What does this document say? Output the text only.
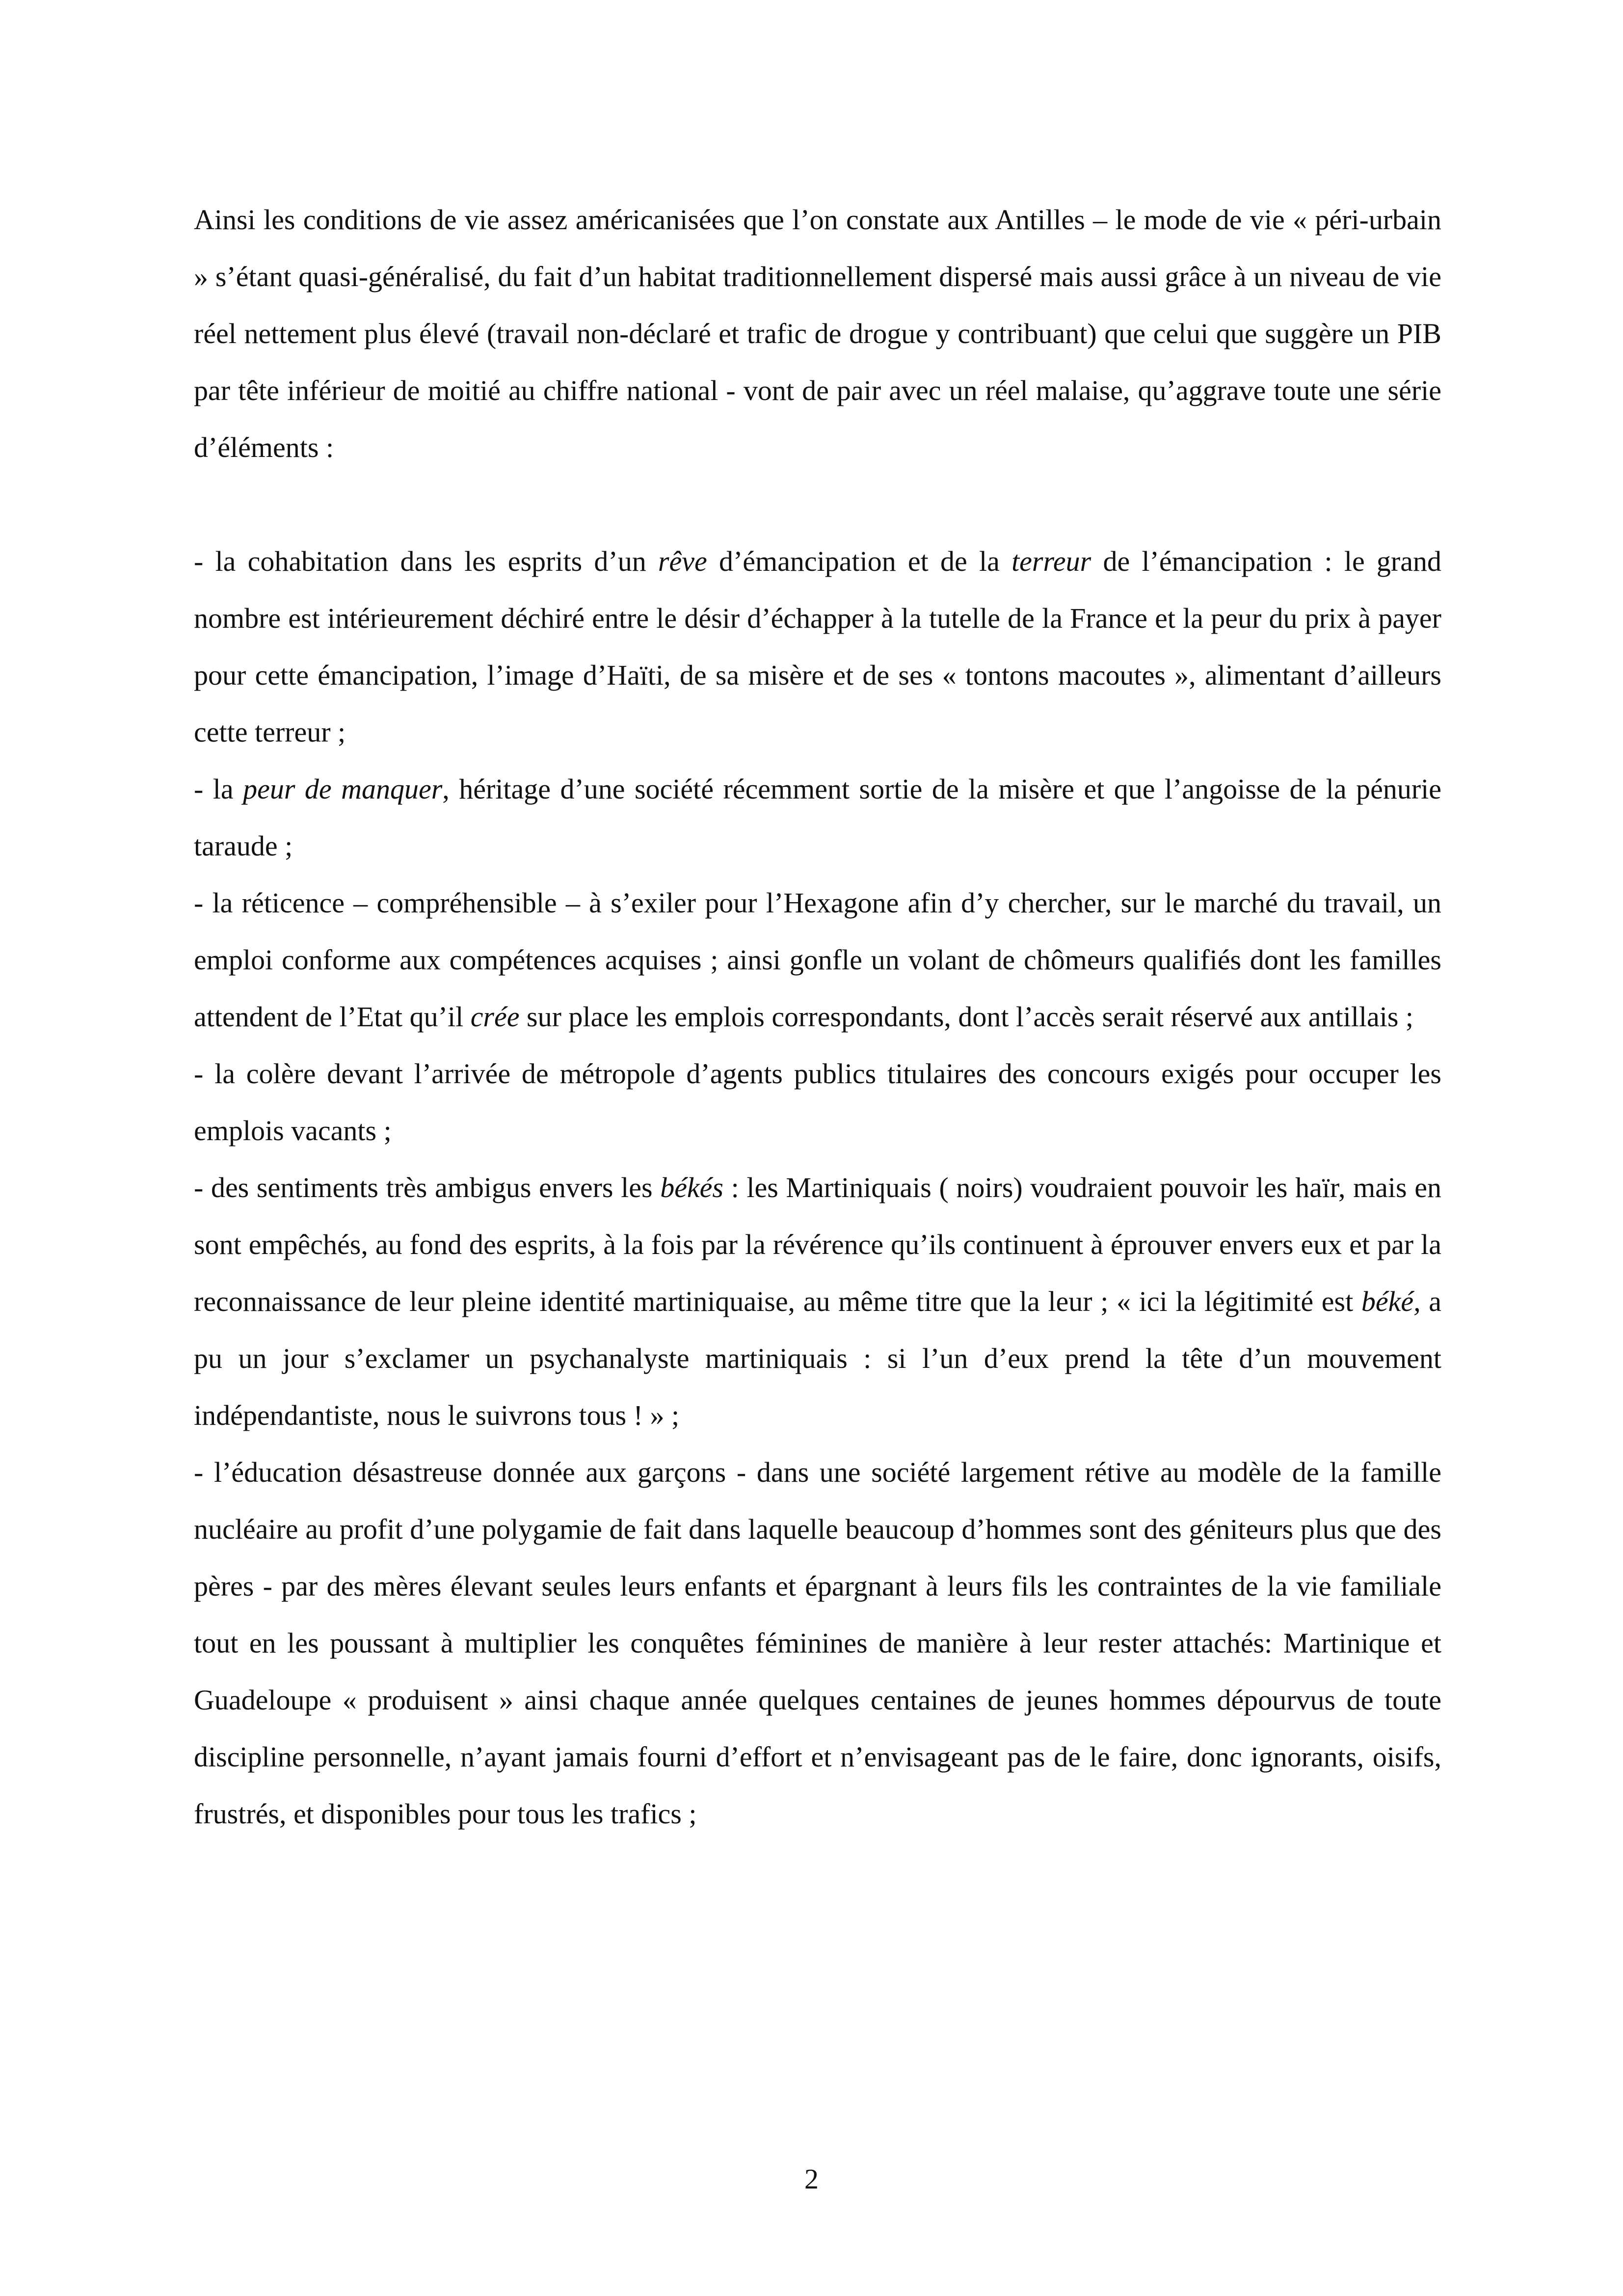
Ainsi les conditions de vie assez américanisées que l’on constate aux Antilles – le mode de vie « péri-urbain » s’étant quasi-généralisé, du fait d’un habitat traditionnellement dispersé mais aussi grâce à un niveau de vie réel nettement plus élevé (travail non-déclaré et trafic de drogue y contribuant) que celui que suggère un PIB par tête inférieur de moitié au chiffre national - vont de pair avec un réel malaise, qu’aggrave toute une série d’éléments :

- la cohabitation dans les esprits d’un rêve d’émancipation et de la terreur de l’émancipation : le grand nombre est intérieurement déchiré entre le désir d’échapper à la tutelle de la France et la peur du prix à payer pour cette émancipation, l’image d’Haïti, de sa misère et de ses « tontons macoutes », alimentant d’ailleurs cette terreur ;
- la peur de manquer, héritage d’une société récemment sortie de la misère et que l’angoisse de la pénurie taraude ;
- la réticence – compréhensible – à s’exiler pour l’Hexagone afin d’y chercher, sur le marché du travail, un emploi conforme aux compétences acquises ; ainsi gonfle un volant de chômeurs qualifiés dont les familles attendent de l’Etat qu’il crée sur place les emplois correspondants, dont l’accès serait réservé aux antillais ;
- la colère devant l’arrivée de métropole d’agents publics titulaires des concours exigés pour occuper les emplois vacants ;
- des sentiments très ambigus envers les békés : les Martiniquais ( noirs) voudraient pouvoir les haïr, mais en sont empêchés, au fond des esprits, à la fois par la révérence qu’ils continuent à éprouver envers eux et par la reconnaissance de leur pleine identité martiniquaise, au même titre que la leur ; « ici la légitimité est béké, a pu un jour s’exclamer un psychanalyste martiniquais : si l’un d’eux prend la tête d’un mouvement indépendantiste, nous le suivrons tous ! » ;
- l’éducation désastreuse donnée aux garçons - dans une société largement rétive au modèle de la famille nucléaire au profit d’une polygamie de fait dans laquelle beaucoup d’hommes sont des géniteurs plus que des pères - par des mères élevant seules leurs enfants et épargnant à leurs fils les contraintes de la vie familiale tout en les poussant à multiplier les conquêtes féminines de manière à leur rester attachés: Martinique et Guadeloupe « produisent » ainsi chaque année quelques centaines de jeunes hommes dépourvus de toute discipline personnelle, n’ayant jamais fourni d’effort et n’envisageant pas de le faire, donc ignorants, oisifs, frustrés, et disponibles pour tous les trafics ;
2
